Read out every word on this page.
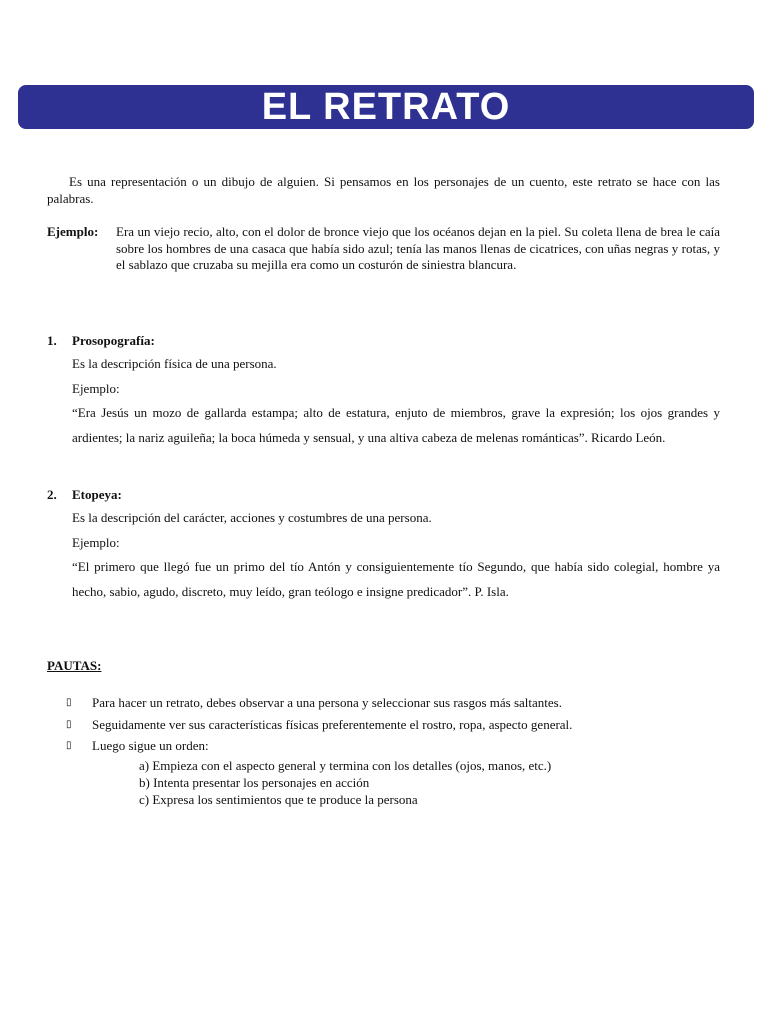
EL RETRATO
Es una representación o un dibujo de alguien. Si pensamos en los personajes de un cuento, este retrato se hace con las palabras.
Ejemplo: Era un viejo recio, alto, con el dolor de bronce viejo que los océanos dejan en la piel. Su coleta llena de brea le caía sobre los hombres de una casaca que había sido azul; tenía las manos llenas de cicatrices, con uñas negras y rotas, y el sablazo que cruzaba su mejilla era como un costurón de siniestra blancura.
1. Prosopografía:
Es la descripción física de una persona.
Ejemplo:
“Era Jesús un mozo de gallarda estampa; alto de estatura, enjuto de miembros, grave la expresión; los ojos grandes y ardientes; la nariz aguileña; la boca húmeda y sensual, y una altiva cabeza de melenas románticas”. Ricardo León.
2. Etopeya:
Es la descripción del carácter, acciones y costumbres de una persona.
Ejemplo:
“El primero que llegó fue un primo del tío Antón y consiguientemente tío Segundo, que había sido colegial, hombre ya hecho, sabio, agudo, discreto, muy leído, gran teólogo e insigne predicador”. P. Isla.
PAUTAS:
▯	Para hacer un retrato, debes observar a una persona y seleccionar sus rasgos más saltantes.
▯	Seguidamente ver sus características físicas preferentemente el rostro, ropa, aspecto general.
▯	Luego sigue un orden:
a) Empieza con el aspecto general y termina con los detalles (ojos, manos, etc.)
b) Intenta presentar los personajes en acción
c) Expresa los sentimientos que te produce la persona
